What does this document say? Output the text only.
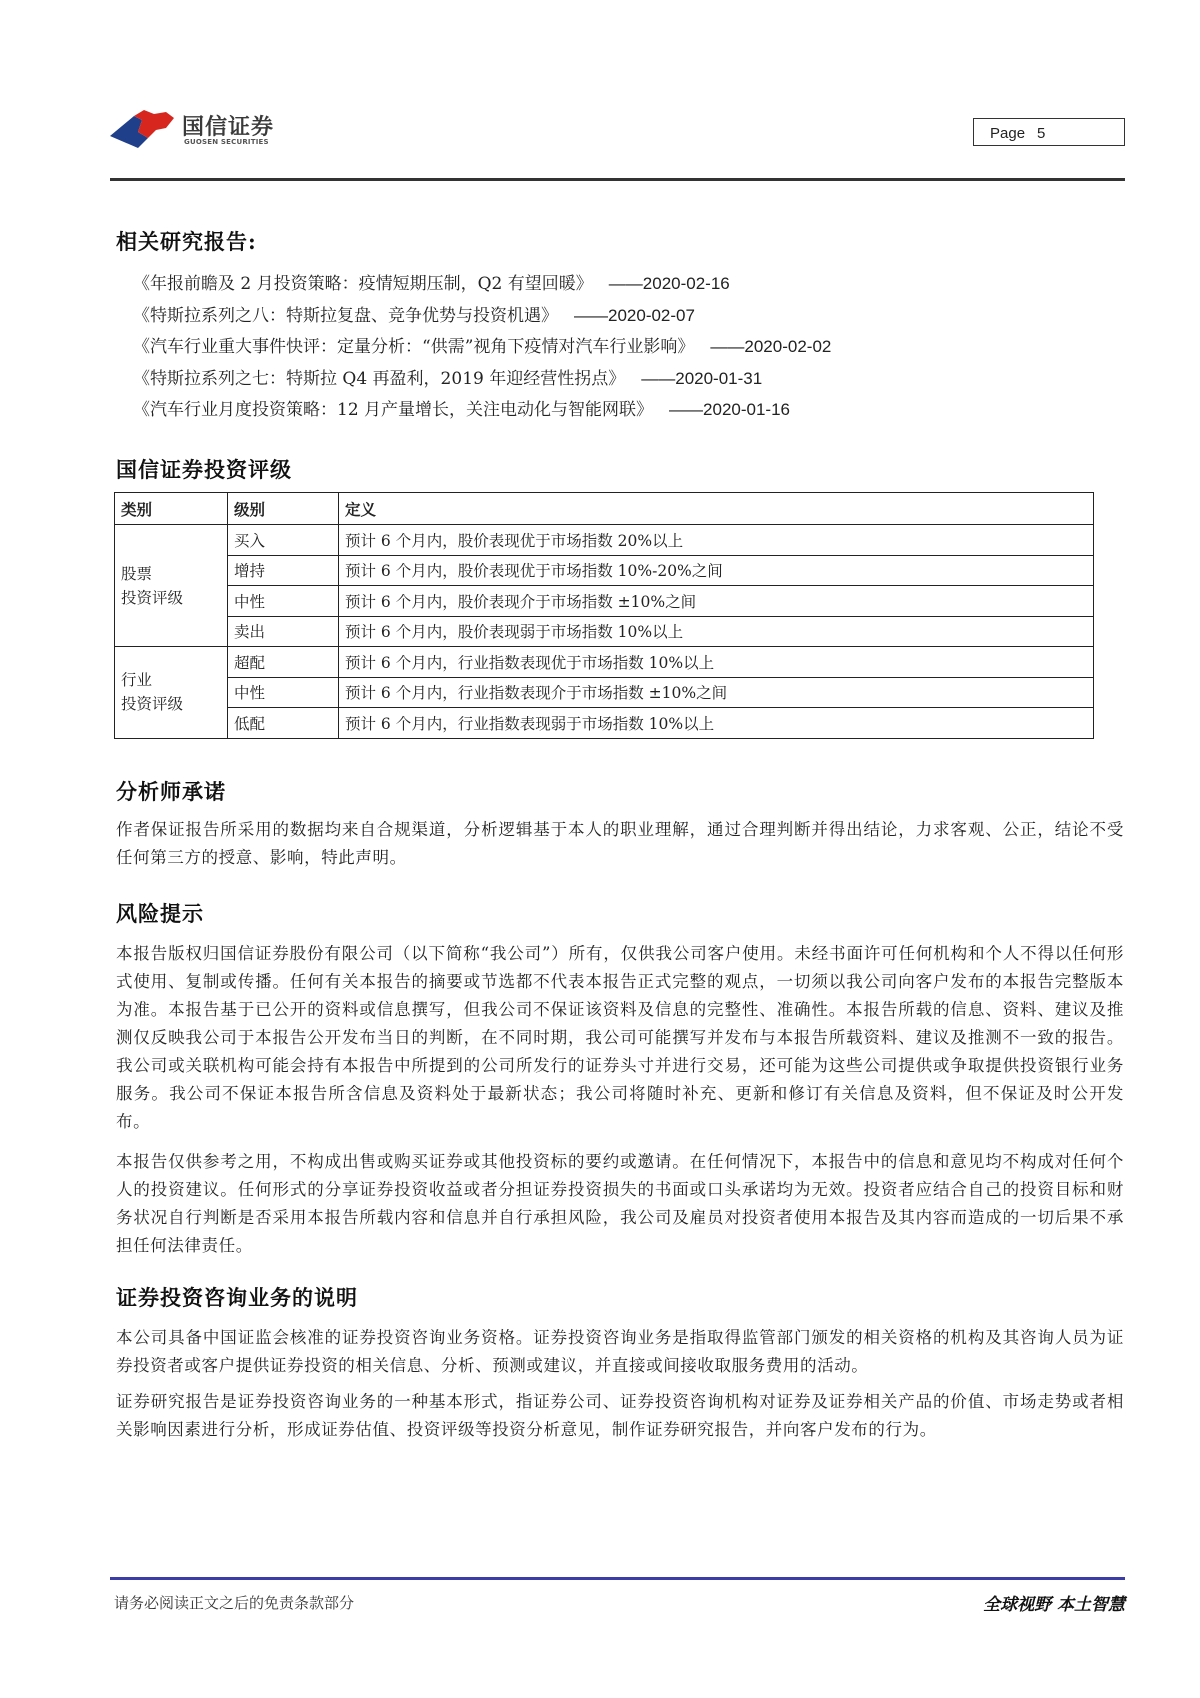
国信证券
GUOSEN SECURITIES	Page 5
相关研究报告:
《年报前瞻及 2 月投资策略：疫情短期压制，Q2 有望回暖》 ——2020-02-16
《特斯拉系列之八：特斯拉复盘、竞争优势与投资机遇》 ——2020-02-07
《汽车行业重大事件快评：定量分析：“供需”视角下疫情对汽车行业影响》 ——2020-02-02
《特斯拉系列之七：特斯拉 Q4 再盈利，2019 年迎经营性拐点》 ——2020-01-31
《汽车行业月度投资策略：12 月产量增长，关注电动化与智能网联》 ——2020-01-16
国信证券投资评级
类别	级别	定义

股票
投资评级	买入	预计 6 个月内，股价表现优于市场指数 20%以上
	增持	预计 6 个月内，股价表现优于市场指数 10%-20%之间
	中性	预计 6 个月内，股价表现介于市场指数 ±10%之间
	卖出	预计 6 个月内，股价表现弱于市场指数 10%以上

行业
投资评级	超配	预计 6 个月内，行业指数表现优于市场指数 10%以上
	中性	预计 6 个月内，行业指数表现介于市场指数 ±10%之间
	低配	预计 6 个月内，行业指数表现弱于市场指数 10%以上
分析师承诺
作者保证报告所采用的数据均来自合规渠道，分析逻辑基于本人的职业理解，通过合理判断并得出结论，力求客观、公正，结论不受任何第三方的授意、影响，特此声明。
风险提示
本报告版权归国信证券股份有限公司（以下简称“我公司”）所有，仅供我公司客户使用。未经书面许可任何机构和个人不得以任何形式使用、复制或传播。任何有关本报告的摘要或节选都不代表本报告正式完整的观点，一切须以我公司向客户发布的本报告完整版本为准。本报告基于已公开的资料或信息撰写，但我公司不保证该资料及信息的完整性、准确性。本报告所载的信息、资料、建议及推测仅反映我公司于本报告公开发布当日的判断，在不同时期，我公司可能撰写并发布与本报告所载资料、建议及推测不一致的报告。我公司或关联机构可能会持有本报告中所提到的公司所发行的证券头寸并进行交易，还可能为这些公司提供或争取提供投资银行业务服务。我公司不保证本报告所含信息及资料处于最新状态；我公司将随时补充、更新和修订有关信息及资料，但不保证及时公开发布。
本报告仅供参考之用，不构成出售或购买证券或其他投资标的要约或邀请。在任何情况下，本报告中的信息和意见均不构成对任何个人的投资建议。任何形式的分享证券投资收益或者分担证券投资损失的书面或口头承诺均为无效。投资者应结合自己的投资目标和财务状况自行判断是否采用本报告所载内容和信息并自行承担风险，我公司及雇员对投资者使用本报告及其内容而造成的一切后果不承担任何法律责任。
证券投资咨询业务的说明
本公司具备中国证监会核准的证券投资咨询业务资格。证券投资咨询业务是指取得监管部门颁发的相关资格的机构及其咨询人员为证券投资者或客户提供证券投资的相关信息、分析、预测或建议，并直接或间接收取服务费用的活动。
证券研究报告是证券投资咨询业务的一种基本形式，指证券公司、证券投资咨询机构对证券及证券相关产品的价值、市场走势或者相关影响因素进行分析，形成证券估值、投资评级等投资分析意见，制作证券研究报告，并向客户发布的行为。
请务必阅读正文之后的免责条款部分	全球视野 本土智慧
